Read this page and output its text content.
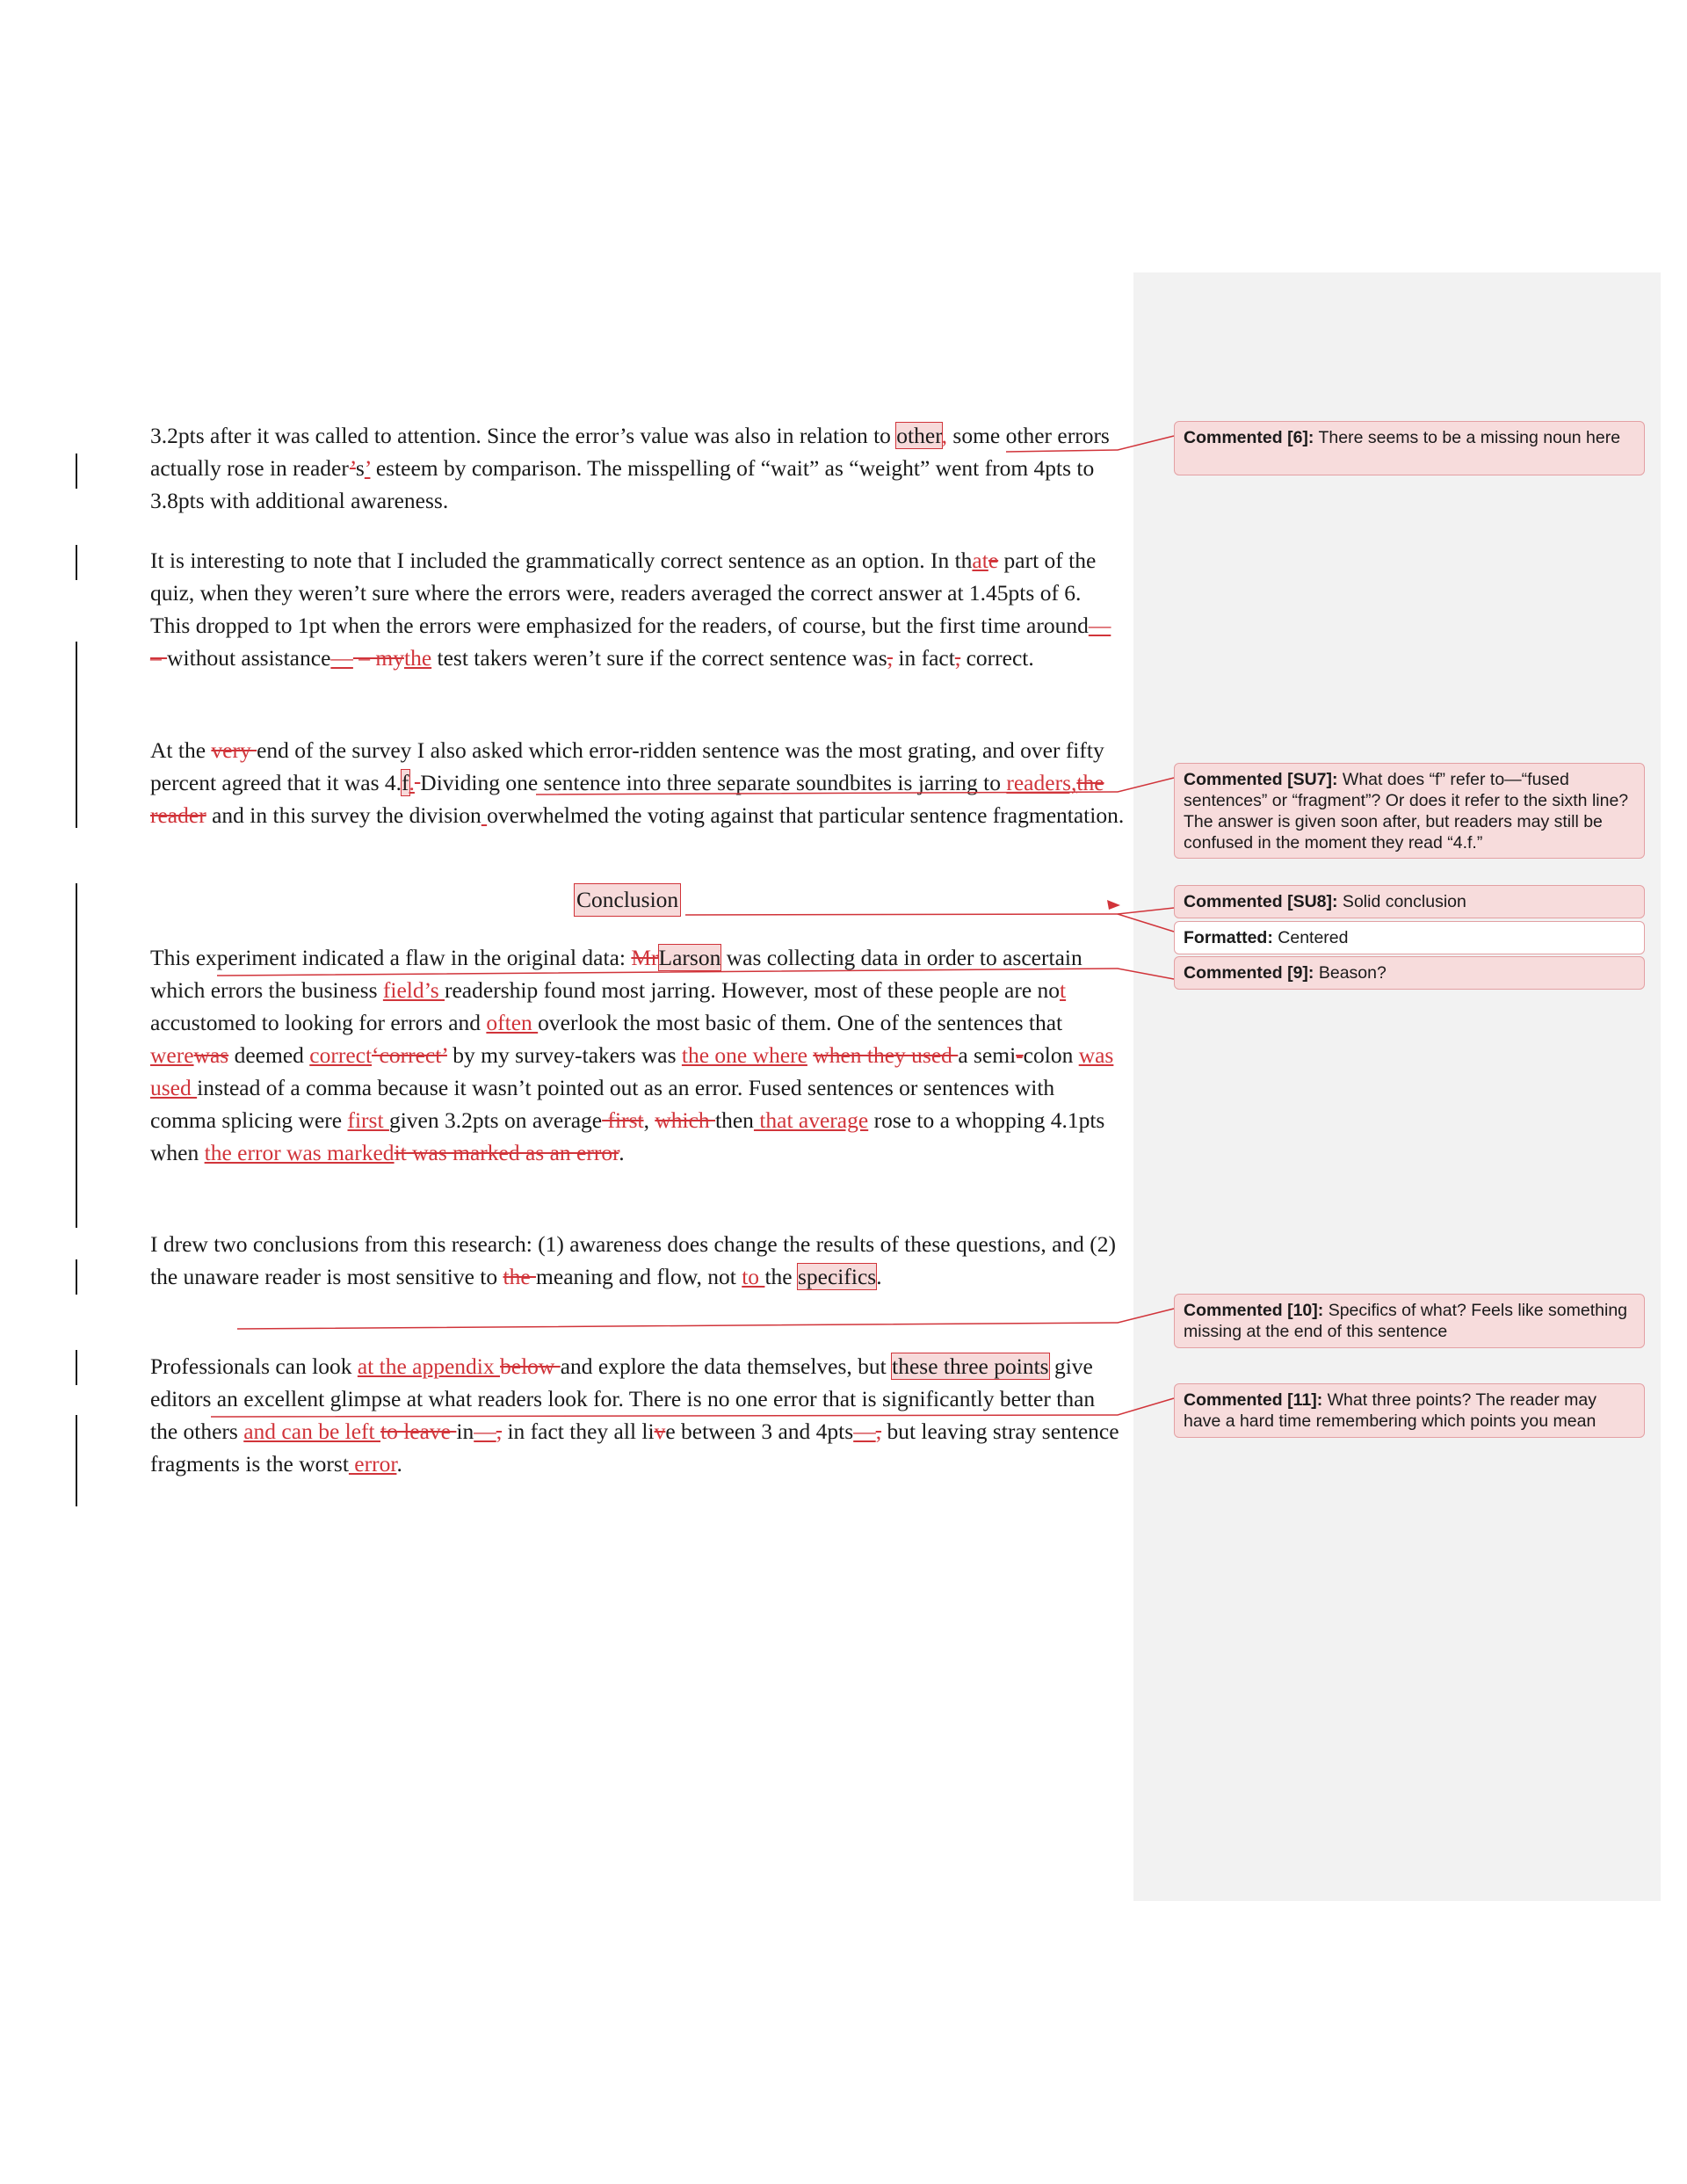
3.2pts after it was called to attention. Since the error’s value was also in relation to other, some other errors actually rose in reader’s’ esteem by comparison. The misspelling of “wait” as “weight” went from 4pts to 3.8pts with additional awareness.
It is interesting to note that I included the grammatically correct sentence as an option. In thate part of the quiz, when they weren’t sure where the errors were, readers averaged the correct answer at 1.45pts of 6. This dropped to 1pt when the errors were emphasized for the readers, of course, but the first time around— – without assistance— – mythe test takers weren’t sure if the correct sentence was, in fact, correct.
At the very end of the survey I also asked which error-ridden sentence was the most grating, and over fifty percent agreed that it was 4.f. Dividing one sentence into three separate soundbites is jarring to readers,the reader and in this survey the division overwhelmed the voting against that particular sentence fragmentation.
Conclusion
This experiment indicated a flaw in the original data: MrLarson was collecting data in order to ascertain which errors the business field’s readership found most jarring. However, most of these people are not accustomed to looking for errors and often overlook the most basic of them. One of the sentences that werewas deemed correct‘correct’ by my survey-takers was the one where when they used a semi-colon was used instead of a comma because it wasn’t pointed out as an error. Fused sentences or sentences with comma splicing were first given 3.2pts on average first, which then that average rose to a whopping 4.1pts when the error was markedit was marked as an error.
I drew two conclusions from this research: (1) awareness does change the results of these questions, and (2) the unaware reader is most sensitive to the meaning and flow, not to the specifics.
Professionals can look at the appendix below and explore the data themselves, but these three points give editors an excellent glimpse at what readers look for. There is no one error that is significantly better than the others and can be left to leave in—, in fact they all live between 3 and 4pts—, but leaving stray sentence fragments is the worst error.
Commented [6]: There seems to be a missing noun here
Commented [SU7]: What does “f” refer to—“fused sentences” or “fragment”? Or does it refer to the sixth line? The answer is given soon after, but readers may still be confused in the moment they read “4.f.”
Commented [SU8]: Solid conclusion
Formatted: Centered
Commented [9]: Beason?
Commented [10]: Specifics of what? Feels like something missing at the end of this sentence
Commented [11]: What three points? The reader may have a hard time remembering which points you mean
